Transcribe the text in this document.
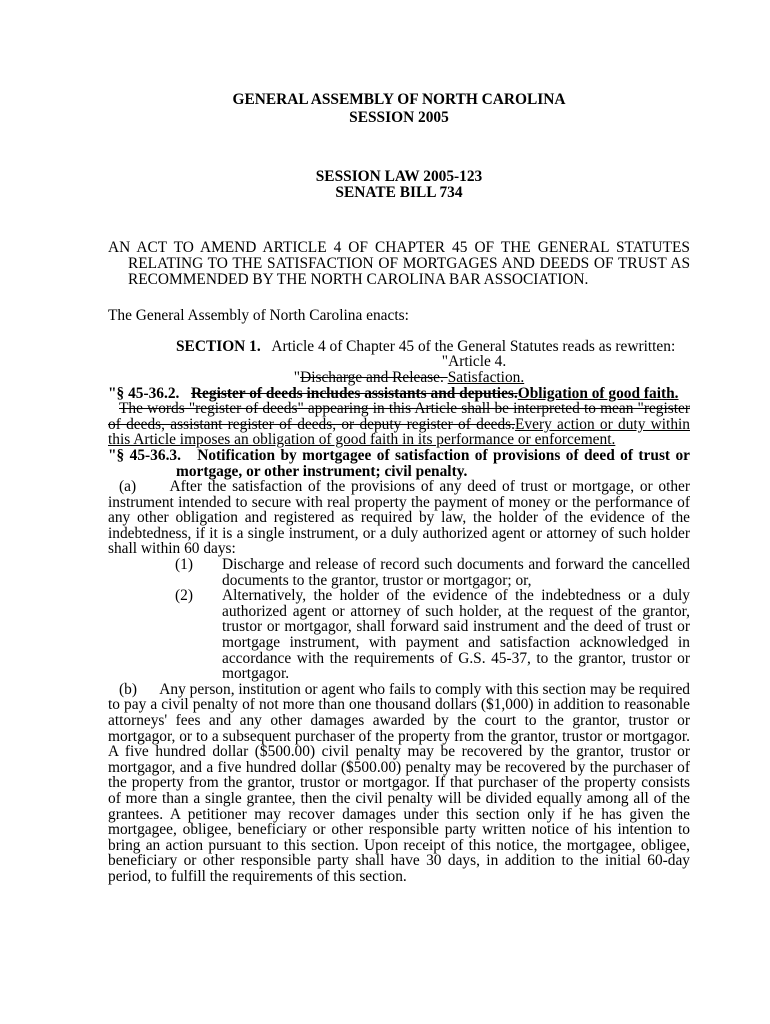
GENERAL ASSEMBLY OF NORTH CAROLINA
SESSION 2005
SESSION LAW 2005-123
SENATE BILL 734
AN ACT TO AMEND ARTICLE 4 OF CHAPTER 45 OF THE GENERAL STATUTES RELATING TO THE SATISFACTION OF MORTGAGES AND DEEDS OF TRUST AS RECOMMENDED BY THE NORTH CAROLINA BAR ASSOCIATION.
The General Assembly of North Carolina enacts:
SECTION 1. Article 4 of Chapter 45 of the General Statutes reads as rewritten:
"Article 4.
"Discharge and Release. Satisfaction.
"§ 45-36.2. Register of deeds includes assistants and deputies.Obligation of good faith.
The words "register of deeds" appearing in this Article shall be interpreted to mean "register of deeds, assistant register of deeds, or deputy register of deeds.Every action or duty within this Article imposes an obligation of good faith in its performance or enforcement.
"§ 45-36.3. Notification by mortgagee of satisfaction of provisions of deed of trust or mortgage, or other instrument; civil penalty.
(a) After the satisfaction of the provisions of any deed of trust or mortgage, or other instrument intended to secure with real property the payment of money or the performance of any other obligation and registered as required by law, the holder of the evidence of the indebtedness, if it is a single instrument, or a duly authorized agent or attorney of such holder shall within 60 days:
(1) Discharge and release of record such documents and forward the cancelled documents to the grantor, trustor or mortgagor; or,
(2) Alternatively, the holder of the evidence of the indebtedness or a duly authorized agent or attorney of such holder, at the request of the grantor, trustor or mortgagor, shall forward said instrument and the deed of trust or mortgage instrument, with payment and satisfaction acknowledged in accordance with the requirements of G.S. 45-37, to the grantor, trustor or mortgagor.
(b) Any person, institution or agent who fails to comply with this section may be required to pay a civil penalty of not more than one thousand dollars ($1,000) in addition to reasonable attorneys' fees and any other damages awarded by the court to the grantor, trustor or mortgagor, or to a subsequent purchaser of the property from the grantor, trustor or mortgagor. A five hundred dollar ($500.00) civil penalty may be recovered by the grantor, trustor or mortgagor, and a five hundred dollar ($500.00) penalty may be recovered by the purchaser of the property from the grantor, trustor or mortgagor. If that purchaser of the property consists of more than a single grantee, then the civil penalty will be divided equally among all of the grantees. A petitioner may recover damages under this section only if he has given the mortgagee, obligee, beneficiary or other responsible party written notice of his intention to bring an action pursuant to this section. Upon receipt of this notice, the mortgagee, obligee, beneficiary or other responsible party shall have 30 days, in addition to the initial 60-day period, to fulfill the requirements of this section.
